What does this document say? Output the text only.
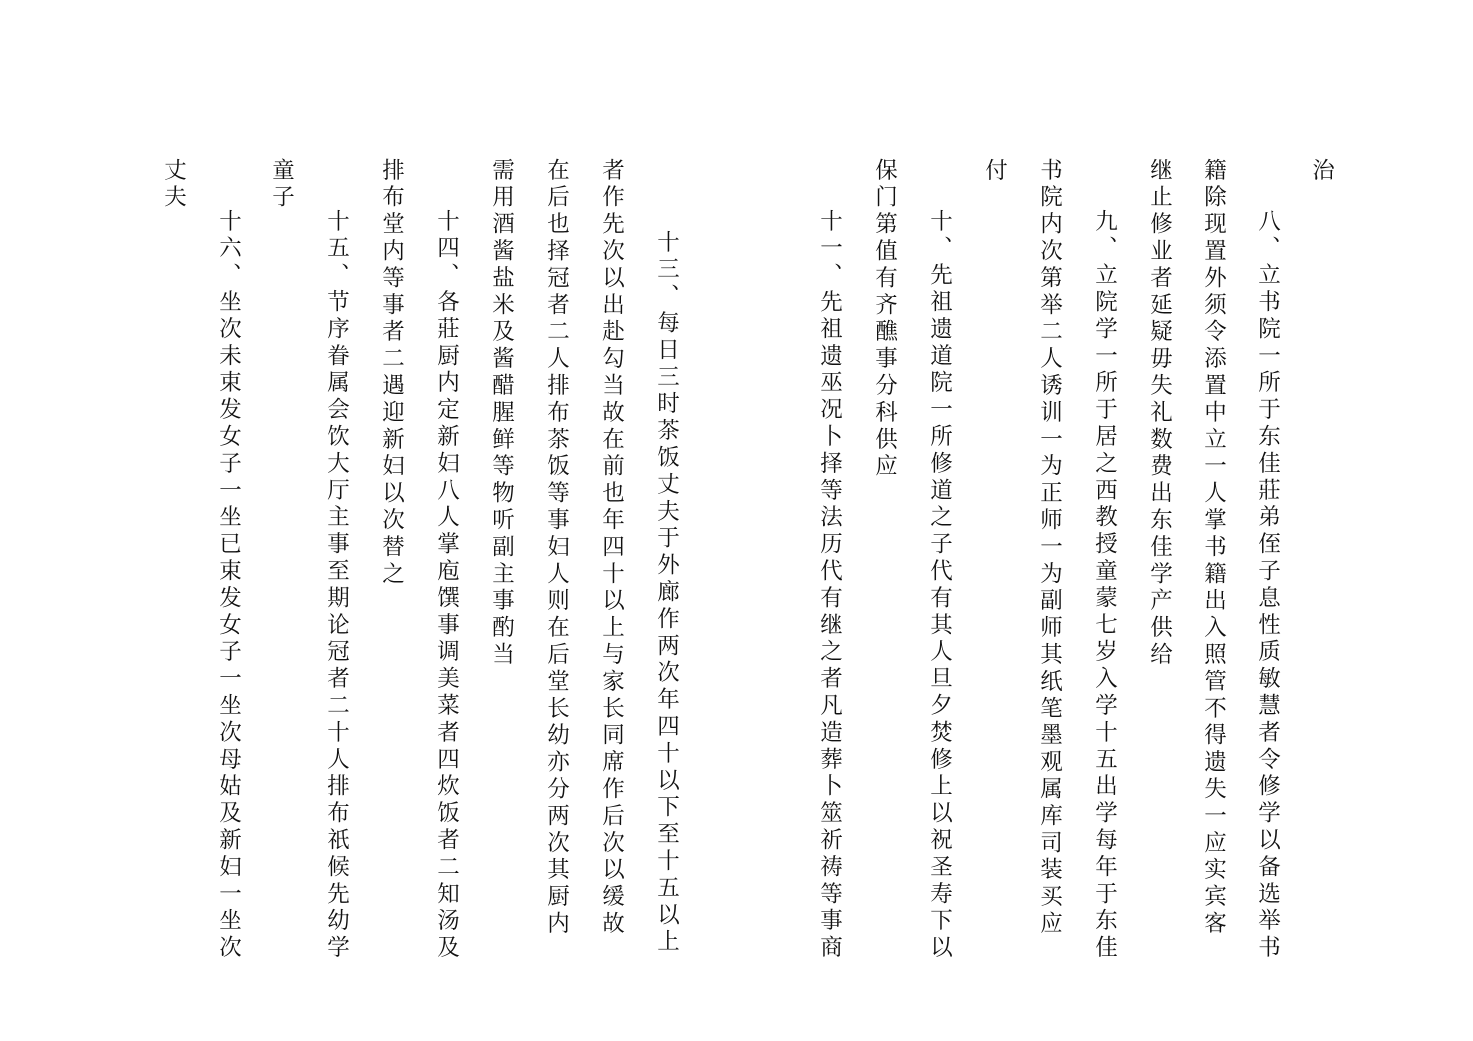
治

八、立书院一所于东佳莊弟侄子息性质敏慧者令修学以备选举书

籍除现置外须令添置中立一人掌书籍出入照管不得遗失一应实宾客

继止修业者延疑毋失礼数费出东佳学产供给

九、立院学一所于居之西教授童蒙七岁入学十五出学每年于东佳

书院内次第举二人诱训一为正师一为副师其纸笔墨观属库司装买应

付

十、先祖遗道院一所修道之子代有其人旦夕焚修上以祝圣寿下以

保门第值有齐醮事分科供应

十一、先祖遗巫况卜择等法历代有继之者凡造葬卜筮祈祷等事商

十三、每日三时茶饭丈夫于外廊作两次年四十以下至十五以上

者作先次以出赴勾当故在前也年四十以上与家长同席作后次以缓故

在后也择冠者二人排布茶饭等事妇人则在后堂长幼亦分两次其厨内

需用酒酱盐米及酱醋腥鲜等物听副主事酌当

十四、各莊厨内定新妇八人掌庖馔事调美菜者四炊饭者二知汤及

排布堂内等事者二遇迎新妇以次替之

十五、节序眷属会饮大厅主事至期论冠者二十人排布祇候先幼学

童子

十六、坐次未束发女子一坐已束发女子一坐次母姑及新妇一坐次

丈夫
